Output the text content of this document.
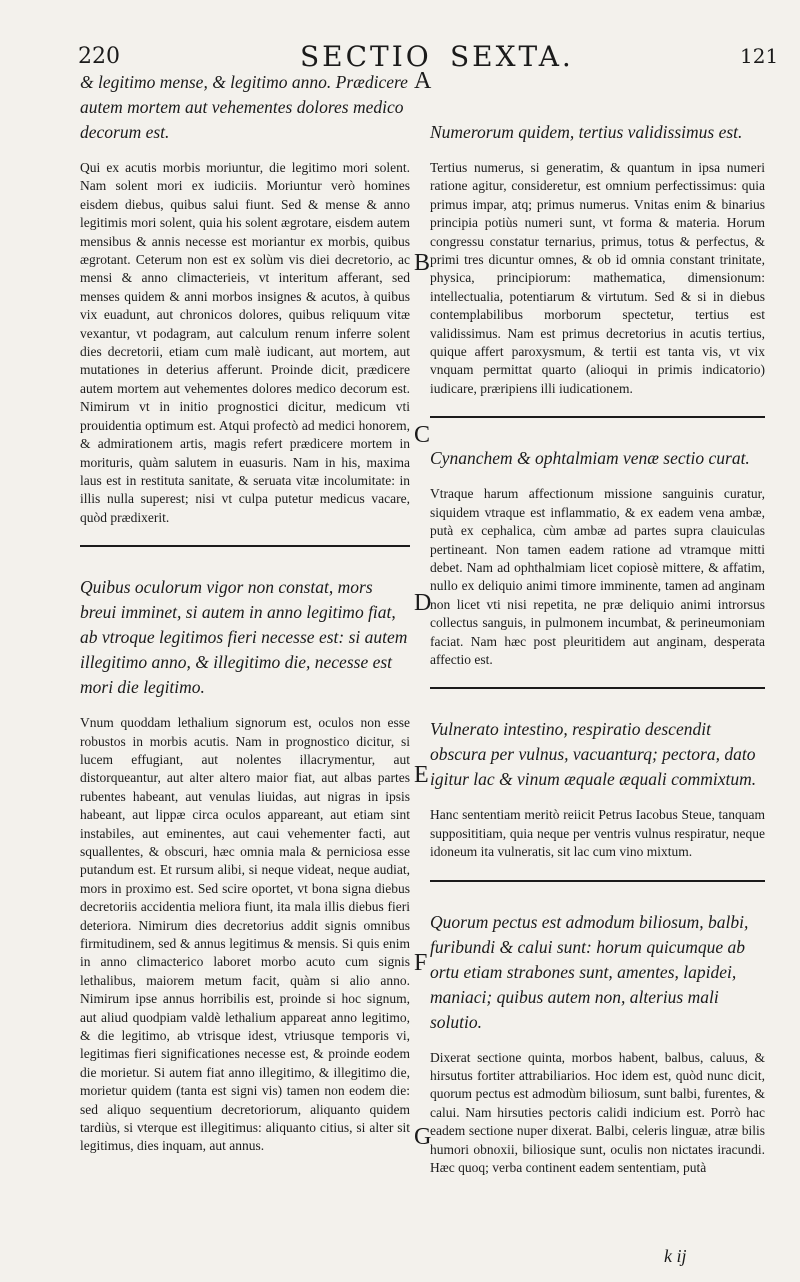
220	SECTIO SEXTA.	121

& legitimo mense, & legitimo anno. Prædicere autem mortem aut vehementes dolores medico decorum est.

Qui ex acutis morbis moriuntur, die legitimo mori solent. Nam solent mori ex iudiciis. Moriuntur verò homines eisdem diebus, quibus salui fiunt. Sed & mense & anno legitimis mori solent, quia his solent ægrotare, eisdem autem mensibus & annis necesse est moriantur ex morbis, quibus ægrotant. Ceterum non est ex solùm vis diei decretorio, ac mensi & anno climacterieis, vt interitum afferant, sed menses quidem & anni morbos insignes & acutos, à quibus vix euadunt, aut chronicos dolores, quibus reliquum vitæ vexantur, vt podagram, aut calculum renum inferre solent dies decretorii, etiam cum malè iudicant, aut mortem, aut mutationes in deterius afferunt. Proinde dicit, prædicere autem mortem aut vehementes dolores medico decorum est. Nimirum vt in initio prognostici dicitur, medicum vti prouidentia optimum est. Atqui profectò ad medici honorem, & admirationem artis, magis refert prædicere mortem in morituris, quàm salutem in euasuris. Nam in his, maxima laus est in restituta sanitate, & seruata vitæ incolumitate: in illis nulla superest; nisi vt culpa putetur medicus vacare, quòd prædixerit.

Quibus oculorum vigor non constat, mors breui imminet, si autem in anno legitimo fiat, ab vtroque legitimos fieri necesse est: si autem illegitimo anno, & illegitimo die, necesse est mori die legitimo.

Vnum quoddam lethalium signorum est, oculos non esse robustos in morbis acutis. Nam in prognostico dicitur, si lucem effugiant, aut nolentes illacrymentur, aut distorqueantur, aut alter altero maior fiat, aut albas partes rubentes habeant, aut venulas liuidas, aut nigras in ipsis habeant, aut lippæ circa oculos appareant, aut etiam sint instabiles, aut eminentes, aut caui vehementer facti, aut squallentes, & obscuri, hæc omnia mala & perniciosa esse putandum est. Et rursum alibi, si neque videat, neque audiat, mors in proximo est. Sed scire oportet, vt bona signa diebus decretoriis accidentia meliora fiunt, ita mala illis diebus fieri deteriora. Nimirum dies decretorius addit signis omnibus firmitudinem, sed & annus legitimus & mensis. Si quis enim in anno climacterico laboret morbo acuto cum signis lethalibus, maiorem metum facit, quàm si alio anno. Nimirum ipse annus horribilis est, proinde si hoc signum, aut aliud quodpiam valdè lethalium appareat anno legitimo, & die legitimo, ab vtrisque idest, vtriusque temporis vi, legitimas fieri significationes necesse est, & proinde eodem die morietur. Si autem fiat anno illegitimo, & illegitimo die, morietur quidem (tanta est signi vis) tamen non eodem die: sed aliquo sequentium decretoriorum, aliquanto quidem tardiùs, si vterque est illegitimus: aliquanto citius, si alter sit legitimus, dies inquam, aut annus.

Numerorum quidem, tertius validissimus est.

Tertius numerus, si generatim, & quantum in ipsa numeri ratione agitur, consideretur, est omnium perfectissimus: quia primus impar, atq; primus numerus. Vnitas enim & binarius principia potiùs numeri sunt, vt forma & materia. Horum congressu constatur ternarius, primus, totus & perfectus, & primi tres dicuntur omnes, & ob id omnia constant trinitate, physica, principiorum: mathematica, dimensionum: intellectualia, potentiarum & virtutum. Sed & si in diebus contemplabilibus morborum spectetur, tertius est validissimus. Nam est primus decretorius in acutis tertius, quique affert paroxysmum, & tertii est tanta vis, vt vix vnquam permittat quarto (alioqui in primis indicatorio) iudicare, præripiens illi iudicationem.

Cynanchem & ophtalmiam venæ sectio curat.

Vtraque harum affectionum missione sanguinis curatur, siquidem vtraque est inflammatio, & ex eadem vena ambæ, putà ex cephalica, cùm ambæ ad partes supra clauiculas pertineant. Non tamen eadem ratione ad vtramque mitti debet. Nam ad ophthalmiam licet copiosè mittere, & affatim, nullo ex deliquio animi timore imminente, tamen ad anginam non licet vti nisi repetita, ne præ deliquio animi introrsus collectus sanguis, in pulmonem incumbat, & perineumoniam faciat. Nam hæc post pleuritidem aut anginam, desperata affectio est.

Vulnerato intestino, respiratio descendit obscura per vulnus, vacuanturq; pectora, dato igitur lac & vinum æquale æquali commixtum.

Hanc sententiam meritò reiicit Petrus Iacobus Steue, tanquam supposititiam, quia neque per ventris vulnus respiratur, neque idoneum ita vulneratis, sit lac cum vino mixtum.

Quorum pectus est admodum biliosum, balbi, furibundi & calui sunt: horum quicumque ab ortu etiam strabones sunt, amentes, lapidei, maniaci; quibus autem non, alterius mali solutio.

Dixerat sectione quinta, morbos habent, balbus, caluus, & hirsutus fortiter attrabiliarios. Hoc idem est, quòd nunc dicit, quorum pectus est admodùm biliosum, sunt balbi, furentes, & calui. Nam hirsuties pectoris calidi indicium est. Porrò hac eadem sectione nuper dixerat. Balbi, celeris linguæ, atræ bilis humori obnoxii, biliosique sunt, oculis non nictates iracundi. Hæc quoq; verba continent eadem sententiam, putà

A
B
C
D
E
F
G
k ij
